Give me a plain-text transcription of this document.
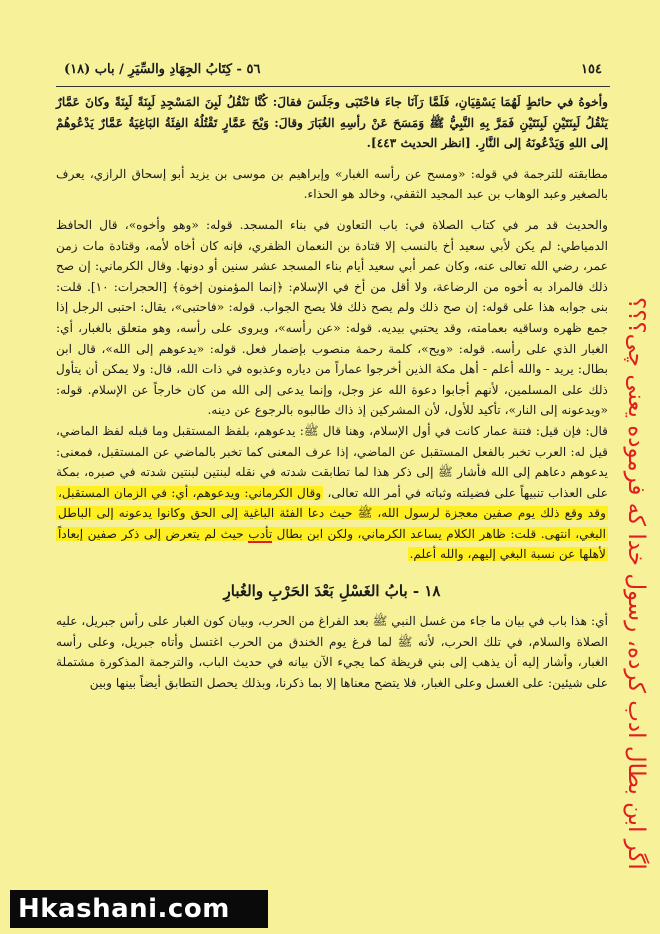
١٥٤
٥٦ - كِتَابُ الجِهَادِ والسِّيَرِ / باب (١٨)

وأخوهُ في حائطٍ لَهُمَا يَسْقِيَانِ، فَلَمَّا رَآنَا جاءَ فاحْتَبَى وجَلَسَ فقالَ: كُنَّا نَنْقُلُ لَبِنَ المَسْجِدِ لَبِنَةً لَبِنَةً وكانَ عَمَّارٌ يَنْقُلُ لَبِنَتَيْنِ لَبِنَتَيْنِ فَمَرَّ بِهِ النَّبِيُّ ﷺ وَمَسَحَ عَنْ رأسِهِ الغُبَارَ وقالَ: وَيْحَ عَمَّارٍ تَقْتُلُهُ الفِئَةُ البَاغِيَةُ عَمَّارٌ يَدْعُوهُمْ إلى اللهِ وَيَدْعُونَهُ إلى النَّارِ. [انظر الحديث ٤٤٣].

مطابقته للترجمة في قوله: «ومسح عن رأسه الغبار» وإبراهيم بن موسى بن يزيد أبو إسحاق الرازي، يعرف بالصغير وعبد الوهاب بن عبد المجيد الثقفي، وخالد هو الحذاء.

والحديث قد مر في كتاب الصلاة في: باب التعاون في بناء المسجد. قوله: «وهو وأخوه»، قال الحافظ الدمياطي: لم يكن لأبي سعيد أخ بالنسب إلا قتادة بن النعمان الظفري، فإنه كان أخاه لأمه، وقتادة مات زمن عمر، رضي الله تعالى عنه، وكان عمر أبي سعيد أيام بناء المسجد عشر سنين أو دونها. وقال الكرماني: إن صح ذلك فالمراد به أخوه من الرضاعة، ولا أقل من أخ في الإسلام: ﴿إنما المؤمنون إخوة﴾ [الحجرات: ١٠]. قلت: بنى جوابه هذا على قوله: إن صح ذلك ولم يصح ذلك فلا يصح الجواب. قوله: «فاحتبى»، يقال: احتبى الرجل إذا جمع ظهره وساقيه بعمامته، وقد يحتبي بيديه. قوله: «عن رأسه»، ويروى على رأسه، وهو متعلق بالغبار، أي: الغبار الذي على رأسه. قوله: «ويح»، كلمة رحمة منصوب بإضمار فعل. قوله: «يدعوهم إلى الله»، قال ابن بطال: يريد - والله أعلم - أهل مكة الذين أخرجوا عماراً من دياره وعذبوه في ذات الله، قال: ولا يمكن أن يتأول ذلك على المسلمين، لأنهم أجابوا دعوة الله عز وجل، وإنما يدعى إلى الله من كان خارجاً عن الإسلام. قوله: «ويدعونه إلى النار»، تأكيد للأول، لأن المشركين إذ ذاك طالبوه بالرجوع عن دينه.

قال: فإن قيل: فتنة عمار كانت في أول الإسلام، وهنا قال ﷺ: يدعوهم، بلفظ المستقبل وما قبله لفظ الماضي، قيل له: العرب تخبر بالفعل المستقبل عن الماضي، إذا عرف المعنى كما تخبر بالماضي عن المستقبل، فمعنى: يدعوهم دعاهم إلى الله فأشار ﷺ إلى ذكر هذا لما تطابقت شدته في نقله لبنتين لبنتين شدته في صبره، بمكة على العذاب تنبيهاً على فضيلته وثباته في أمر الله تعالى، وقال الكرماني: ويدعوهم، أي: في الزمان المستقبل، وقد وقع ذلك يوم صفين معجزة لرسول الله، ﷺ حيث دعا الفئة الباغية إلى الحق وكانوا يدعونه إلى الباطل البغي، انتهى. قلت: ظاهر الكلام يساعد الكرماني، ولكن ابن بطال تأدب حيث لم يتعرض إلى ذكر صفين إبعاداً لأهلها عن نسبة البغي إليهم، والله أعلم.

١٨ - بابُ الغَسْلِ بَعْدَ الحَرْبِ والغُبارِ

أي: هذا باب في بيان ما جاء من غسل النبي ﷺ بعد الفراغ من الحرب، وبيان كون الغبار على رأس جبريل، عليه الصلاة والسلام، في تلك الحرب، لأنه ﷺ لما فرغ يوم الخندق من الحرب اغتسل وأتاه جبريل، وعلى رأسه الغبار، وأشار إليه أن يذهب إلى بني قريظة كما يجيء الآن بيانه في حديث الباب، والترجمة المذكورة مشتملة على شيئين: على الغسل وعلى الغبار، فلا يتضح معناها إلا بما ذكرنا، وبذلك يحصل التطابق أيضاً بينها وبين اگر ابن بطال ادب کرده، رسول خدا که فرموده یعنی چی؟؟؟
Hkashani.com
